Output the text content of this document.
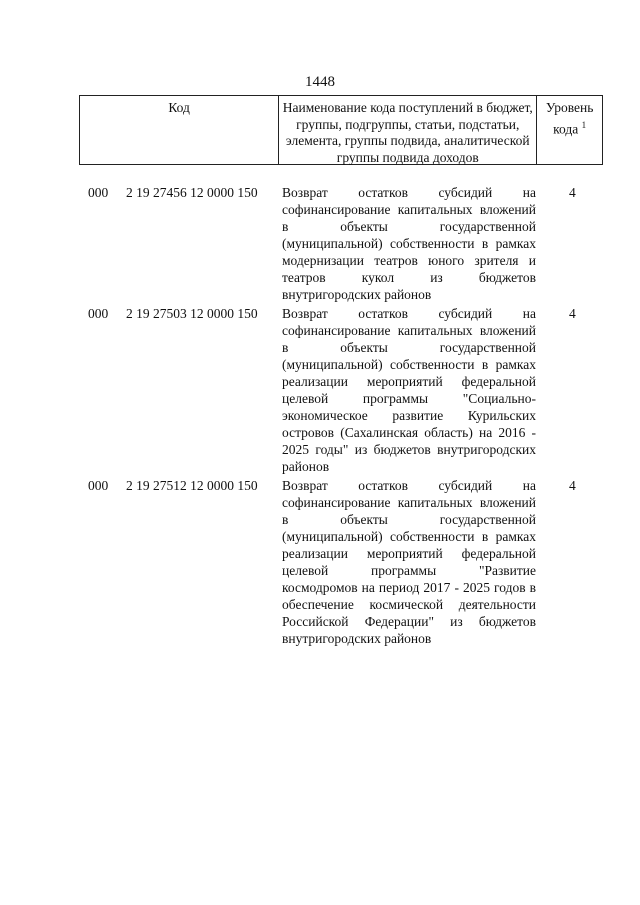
1448
Код	Наименование кода поступлений в бюджет, группы, подгруппы, статьи, подстатьи, элемента, группы подвида, аналитической группы подвида доходов
Уровень кода $^1$
000 2 19 27456 12 0000 150 Возврат остатков субсидий на софинансирование капитальных вложений в объекты государственной (муниципальной) собственности в рамках модернизации театров юного зрителя и театров кукол из бюджетов внутригородских районов
4
000 2 19 27503 12 0000 150 Возврат остатков субсидий на софинансирование капитальных вложений в объекты государственной (муниципальной) собственности в рамках реализации мероприятий федеральной целевой программы "Социально-экономическое развитие Курильских островов (Сахалинская область) на 2016 - 2025 годы" из бюджетов внутригородских районов
4
000 2 19 27512 12 0000 150 Возврат остатков субсидий на софинансирование капитальных вложений в объекты государственной (муниципальной) собственности в рамках реализации мероприятий федеральной целевой программы "Развитие космодромов на период 2017 - 2025 годов в обеспечение космической деятельности Российской Федерации" из бюджетов внутригородских районов
4
